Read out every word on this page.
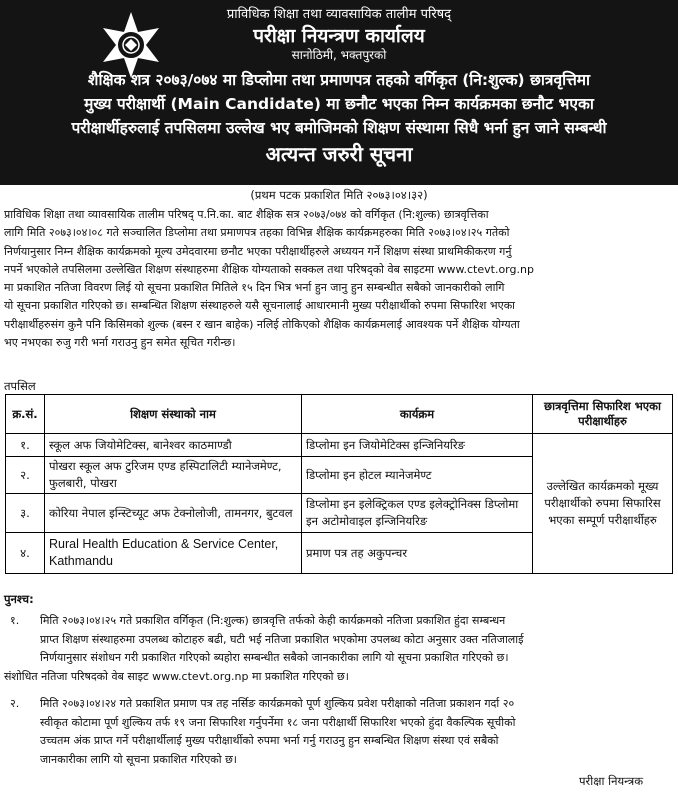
प्राविधिक शिक्षा तथा व्यावसायिक तालीम परिषद्
परीक्षा नियन्त्रण कार्यालय
सानोठिमी, भक्तपुरको
शैक्षिक शत्र २०७३/०७४ मा डिप्लोमा तथा प्रमाणपत्र तहको वर्गिकृत (नि:शुल्क) छात्रवृत्तिमा
मुख्य परीक्षार्थी (Main Candidate) मा छनौट भएका निम्न कार्यक्रमका छनौट भएका
परीक्षार्थीहरुलाई तपसिलमा उल्लेख भए बमोजिमको शिक्षण संस्थामा सिधै भर्ना हुन जाने सम्बन्धी
अत्यन्त जरुरी सूचना
(प्रथम पटक प्रकाशित मिति २०७३।०४।३२)
प्राविधिक शिक्षा तथा व्यावसायिक तालीम परिषद् प.नि.का. बाट शैक्षिक सत्र २०७३/०७४ को वर्गिकृत (नि:शुल्क) छात्रवृत्तिका
लागि मिति २०७३।०४।०८ गते सञ्चालित डिप्लोमा तथा प्रमाणपत्र तहका विभिन्न शैक्षिक कार्यक्रमहरुका मिति २०७३।०४।२५ गतेको
निर्णयानुसार निम्न शैक्षिक कार्यक्रमको मूल्य उमेदवारमा छनौट भएका परीक्षार्थीहरुले अध्ययन गर्ने शिक्षण संस्था प्राथमिकीकरण गर्नु
नपर्ने भएकोले तपसिलमा उल्लेखित शिक्षण संस्थाहरुमा शैक्षिक योग्यताको सक्कल तथा परिषद्को वेब साइटमा www.ctevt.org.np
मा प्रकाशित नतिजा विवरण लिई यो सूचना प्रकाशित मितिले १५ दिन भित्र भर्ना हुन जानु हुन सम्बन्धीत सबैको जानकारीको लागि
यो सूचना प्रकाशित गरिएको छ। सम्बन्धित शिक्षण संस्थाहरुले यसै सूचनालाई आधारमानी मुख्य परीक्षार्थीको रुपमा सिफारिश भएका
परीक्षार्थीहरुसंग कुनै पनि किसिमको शुल्क (बस्न र खान बाहेक) नलिई तोकिएको शैक्षिक कार्यक्रमलाई आवश्यक पर्ने शैक्षिक योग्यता
भए नभएका रुजु गरी भर्ना गराउनु हुन समेत सूचित गरीन्छ।
तपसिल
क्र.सं.	शिक्षण संस्थाको नाम	कार्यक्रम	छात्रवृत्तिमा सिफारिश भएका परीक्षार्थीहरु
१.	स्कूल अफ जियोमेटिक्स, बानेश्वर काठमाण्डौ	डिप्लोमा इन जियोमेटिक्स इन्जिनियरिङ	उल्लेखित कार्यक्रमको मूख्य परीक्षार्थीको रुपमा सिफारिस भएका सम्पूर्ण परीक्षार्थीहरु
२.	पोखरा स्कूल अफ टुरिजम एण्ड हस्पिटालिटी म्यानेजमेण्ट, फुलबारी, पोखरा	डिप्लोमा इन होटल म्यानेजमेण्ट	
३.	कोरिया नेपाल इन्स्टिच्यूट अफ टेक्नोलोजी, तामनगर, बुटवल	डिप्लोमा इन इलेक्ट्रिकल एण्ड इलेक्ट्रोनिक्स डिप्लोमा इन अटोमोवाइल इन्जिनियरिङ	
४.	Rural Health Education & Service Center, Kathmandu	प्रमाण पत्र तह अकुपन्चर	
पुनश्च:
१. मिति २०७३।०४।२५ गते प्रकाशित वर्गिकृत (नि:शुल्क) छात्रवृत्ति तर्फको केही कार्यक्रमको नतिजा प्रकाशित हुंदा सम्बन्धन
प्राप्त शिक्षण संस्थाहरुमा उपलब्ध कोटाहरु बढी, घटी भई नतिजा प्रकाशित भएकोमा उपलब्ध कोटा अनुसार उक्त नतिजालाई
निर्णयानुसार संशोधन गरी प्रकाशित गरिएको ब्यहोरा सम्बन्धीत सबैको जानकारीका लागि यो सूचना प्रकाशित गरिएको छ।
संशोधित नतिजा परिषदको वेब साइट www.ctevt.org.np मा प्रकाशित गरिएको छ।
२. मिति २०७३।०४।२४ गते प्रकाशित प्रमाण पत्र तह नर्सिङ कार्यक्रमको पूर्ण शुल्किय प्रवेश परीक्षाको नतिजा प्रकाशन गर्दा २०
स्वीकृत कोटामा पूर्ण शुल्किय तर्फ १९ जना सिफारिश गर्नुपर्नेमा १८ जना परीक्षार्थी सिफारिश भएको हुंदा वैकल्पिक सूचीको
उच्चतम अंक प्राप्त गर्ने परीक्षार्थीलाई मुख्य परीक्षार्थीको रुपमा भर्ना गर्नु गराउनु हुन सम्बन्धित शिक्षण संस्था एवं सबैको
जानकारीका लागि यो सूचना प्रकाशित गरिएको छ।
परीक्षा नियन्त्रक
